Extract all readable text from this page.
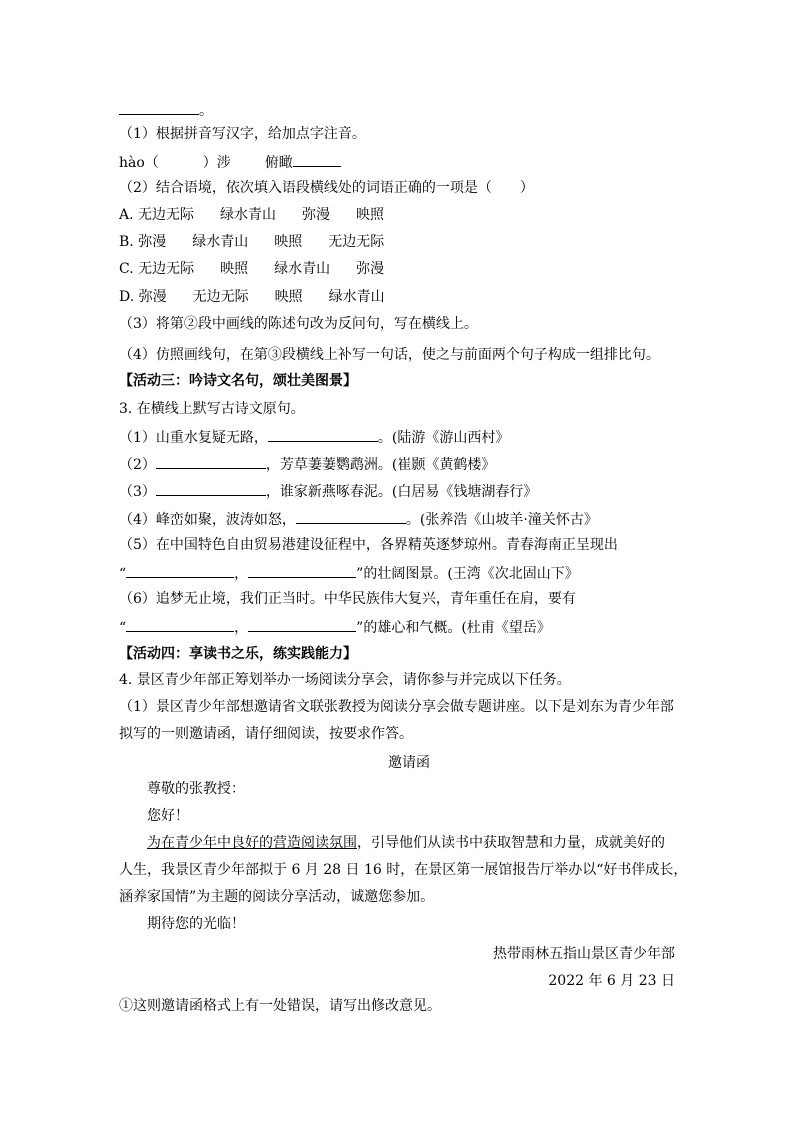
。
（1）根据拼音写汉字，给加点字注音。
hào（	）涉 俯瞰
（2）结合语境，依次填入语段横线处的词语正确的一项是（　　）
A. 无边无际 绿水青山 弥漫 映照
B. 弥漫 绿水青山 映照 无边无际
C. 无边无际 映照 绿水青山 弥漫
D. 弥漫 无边无际 映照 绿水青山
（3）将第②段中画线的陈述句改为反问句，写在横线上。
（4）仿照画线句，在第③段横线上补写一句话，使之与前面两个句子构成一组排比句。
【活动三：吟诗文名句，颂壮美图景】
3. 在横线上默写古诗文原句。
（1）山重水复疑无路，	。(陆游《游山西村》
（2）	，芳草萋萋鹦鹉洲。(崔颢《黄鹤楼》
（3）	，谁家新燕啄春泥。(白居易《钱塘湖春行》
（4）峰峦如聚，波涛如怒，	。(张养浩《山坡羊·潼关怀古》
（5）在中国特色自由贸易港建设征程中，各界精英逐梦琼州。青春海南正呈现出
“	，	”的壮阔图景。(王湾《次北固山下》
（6）追梦无止境，我们正当时。中华民族伟大复兴，青年重任在肩，要有
“	，	”的雄心和气概。(杜甫《望岳》
【活动四：享读书之乐，练实践能力】
4. 景区青少年部正筹划举办一场阅读分享会，请你参与并完成以下任务。
（1）景区青少年部想邀请省文联张教授为阅读分享会做专题讲座。以下是刘东为青少年部
拟写的一则邀请函，请仔细阅读，按要求作答。
邀请函
尊敬的张教授：
您好！
为在青少年中良好的营造阅读氛围，引导他们从读书中获取智慧和力量，成就美好的
人生，我景区青少年部拟于 6 月 28 日 16 时，在景区第一展馆报告厅举办以“好书伴成长，
涵养家国情”为主题的阅读分享活动，诚邀您参加。
期待您的光临！
热带雨林五指山景区青少年部
2022 年 6 月 23 日
①这则邀请函格式上有一处错误，请写出修改意见。
